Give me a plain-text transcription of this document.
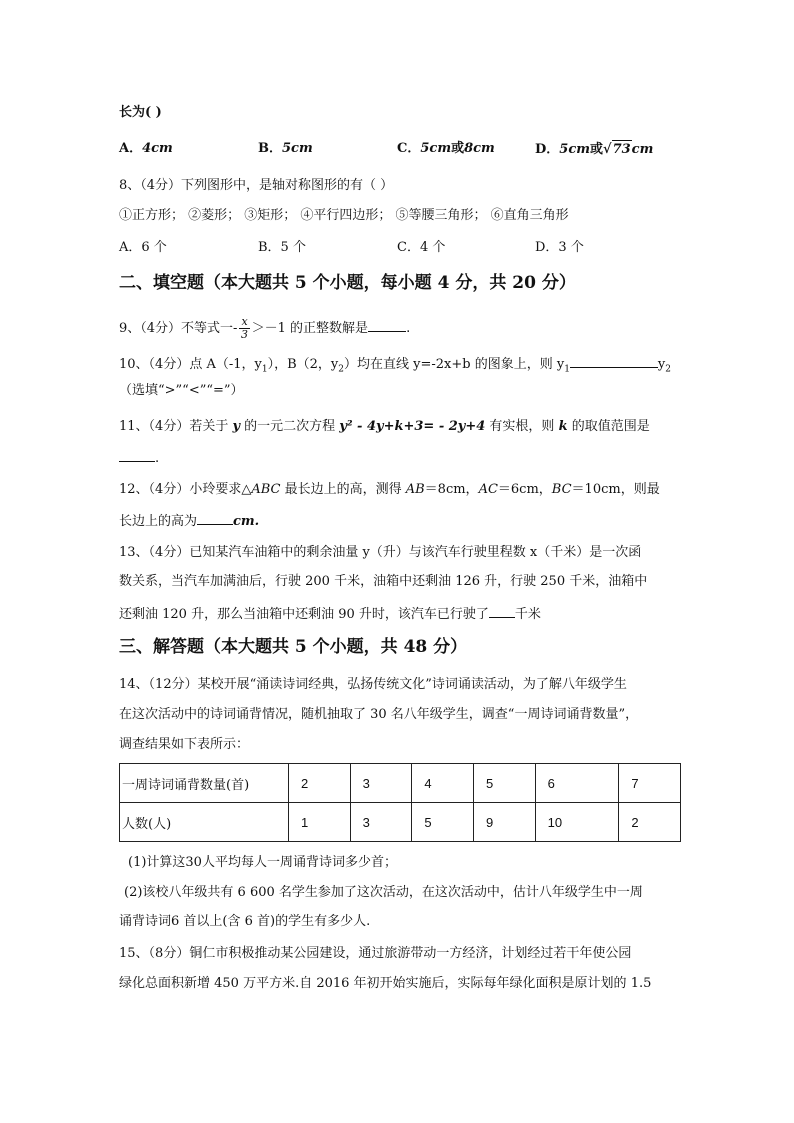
长为( )
A．4cm	B．5cm	C．5cm或8cm	D．5cm或√73cm
8、（4分）下列图形中，是轴对称图形的有（ ）
①正方形； ②菱形； ③矩形； ④平行四边形； ⑤等腰三角形； ⑥直角三角形
A．6 个	B．5 个	C．4 个	D．3 个
二、填空题（本大题共 5 个小题，每小题 4 分，共 20 分）
9、（4分）不等式一- $\frac{x}{3} >-1$ 的正整数解是	.
10、（4分）点 A（-1，$y_1$），B（2，$y_2$）均在直线 y=-2x+b 的图象上，则 $y_1$	$y_2$
（选填“>”“<”“=”）
11、（4分）若关于 y 的一元二次方程 y² - 4y+k+3= - 2y+4 有实根，则 k 的取值范围是
.
12、（4分）小玲要求△ABC 最长边上的高，测得 AB＝8cm，AC＝6cm，BC＝10cm，则最
长边上的高为	cm.
13、（4分）已知某汽车油箱中的剩余油量 y（升）与该汽车行驶里程数 x（千米）是一次函
数关系，当汽车加满油后，行驶 200 千米，油箱中还剩油 126 升，行驶 250 千米，油箱中
还剩油 120 升，那么当油箱中还剩油 90 升时，该汽车已行驶了 千米
三、解答题（本大题共 5 个小题，共 48 分）
14、（12分）某校开展“涌读诗词经典，弘扬传统文化”诗词诵读活动，为了解八年级学生
在这次活动中的诗词诵背情况，随机抽取了 30 名八年级学生，调查“一周诗词诵背数量”，
调查结果如下表所示：
一周诗词诵背数量(首)	2	3	4	5	6	7
人数(人)	1	3	5	9	10	2
(1)计算这30人平均每人一周诵背诗词多少首；
(2)该校八年级共有 6 600 名学生参加了这次活动，在这次活动中，估计八年级学生中一周
诵背诗词6 首以上(含 6 首)的学生有多少人.
15、（8分）铜仁市积极推动某公园建设，通过旅游带动一方经济，计划经过若干年使公园
绿化总面积新增 450 万平方米.自 2016 年初开始实施后，实际每年绿化面积是原计划的 1.5
